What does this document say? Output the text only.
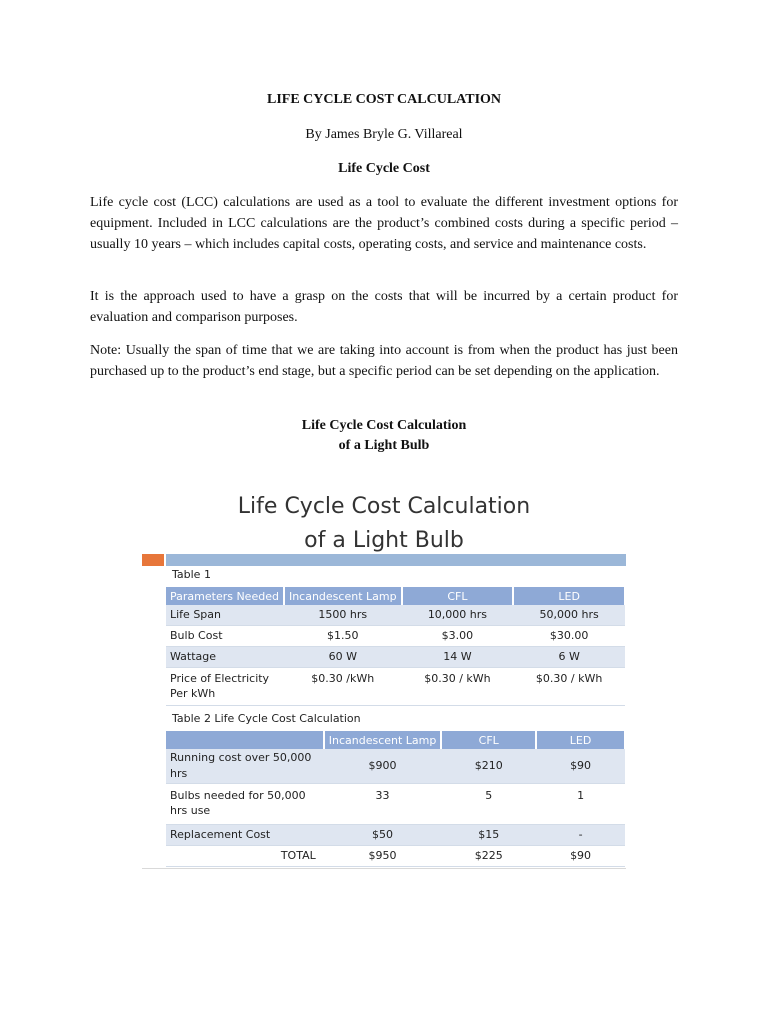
LIFE CYCLE COST CALCULATION
By James Bryle G. Villareal
Life Cycle Cost

Life cycle cost (LCC) calculations are used as a tool to evaluate the different investment options for equipment. Included in LCC calculations are the product’s combined costs during a specific period – usually 10 years – which includes capital costs, operating costs, and service and maintenance costs.

It is the approach used to have a grasp on the costs that will be incurred by a certain product for evaluation and comparison purposes.

Note: Usually the span of time that we are taking into account is from when the product has just been purchased up to the product’s end stage, but a specific period can be set depending on the application.

Life Cycle Cost Calculation
of a Light Bulb
Life Cycle Cost Calculation
of a Light Bulb
Table 1
Parameters Needed	Incandescent Lamp	CFL	LED
Life Span	1500 hrs	10,000 hrs	50,000 hrs
Bulb Cost	$1.50	$3.00	$30.00
Wattage	60 W	14 W	6 W
Price of Electricity Per kWh	$0.30 /kWh	$0.30 / kWh	$0.30 / kWh
Table 2 Life Cycle Cost Calculation
	Incandescent Lamp	CFL	LED
Running cost over 50,000 hrs	$900	$210	$90
Bulbs needed for 50,000 hrs use	33	5	1
Replacement Cost	$50	$15	-
TOTAL	$950	$225	$90
